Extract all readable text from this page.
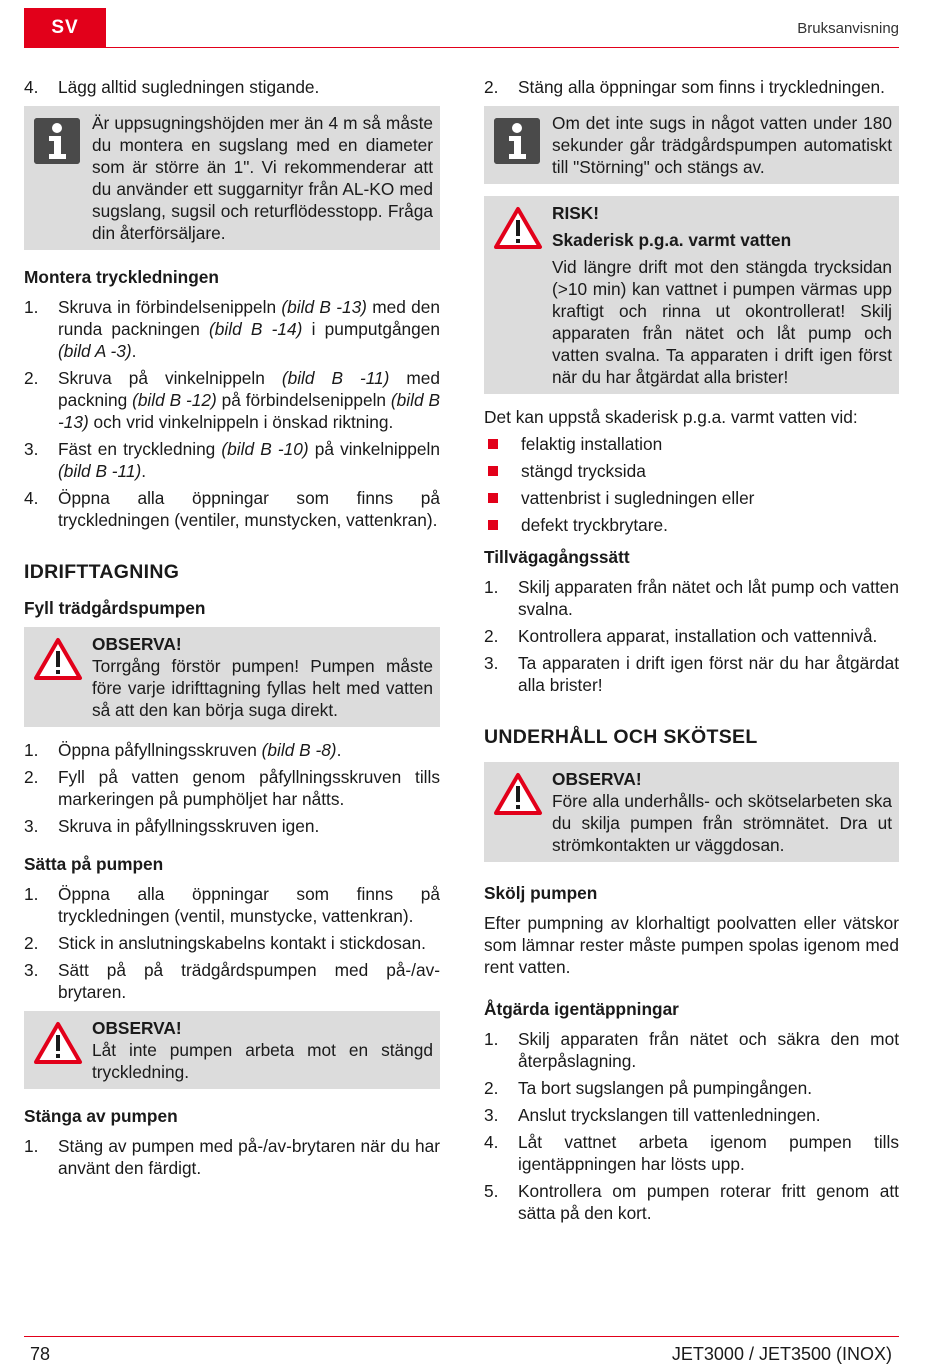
SV	Bruksanvisning
4. Lägg alltid sugledningen stigande.

Är uppsugningshöjden mer än 4 m så måste du montera en sugslang med en diameter som är större än 1". Vi rekommenderar att du använder ett suggarnityr från AL-KO med sugslang, sugsil och returflödesstopp. Fråga din återförsäljare.

Montera tryckledningen
1. Skruva in förbindelsenippeln (bild B -13) med den runda packningen (bild B -14) i pumputgången (bild A -3).
2. Skruva på vinkelnippeln (bild B -11) med packning (bild B -12) på förbindelsenippeln (bild B -13) och vrid vinkelnippeln i önskad riktning.
3. Fäst en tryckledning (bild B -10) på vinkelnippeln (bild B -11).
4. Öppna alla öppningar som finns på tryckledningen (ventiler, munstycken, vattenkran).
IDRIFTTAGNING
Fyll trädgårdspumpen

OBSERVA!

Torrgång förstör pumpen! Pumpen måste före varje idrifttagning fyllas helt med vatten så att den kan börja suga direkt.

1. Öppna påfyllningsskruven (bild B -8).
2. Fyll på vatten genom påfyllningsskruven tills markeringen på pumphöljet har nåtts.
3. Skruva in påfyllningsskruven igen.
Sätta på pumpen
1. Öppna alla öppningar som finns på tryckledningen (ventil, munstycke, vattenkran).
2. Stick in anslutningskabelns kontakt i stickdosan.
3. Sätt på på trädgårdspumpen med på-/av-brytaren.

OBSERVA!

Låt inte pumpen arbeta mot en stängd tryckledning.

Stänga av pumpen
1. Stäng av pumpen med på-/av-brytaren när du har använt den färdigt.
2. Stäng alla öppningar som finns i tryckledningen.

Om det inte sugs in något vatten under 180 sekunder går trädgårdspumpen automatiskt till "Störning" och stängs av.

RISK!

Skaderisk p.g.a. varmt vatten

Vid längre drift mot den stängda trycksidan (>10 min) kan vattnet i pumpen värmas upp kraftigt och rinna ut okontrollerat! Skilj apparaten från nätet och låt pump och vatten svalna. Ta apparaten i drift igen först när du har åtgärdat alla brister!

Det kan uppstå skaderisk p.g.a. varmt vatten vid:

felaktig installation
stängd trycksida
vattenbrist i sugledningen eller
defekt tryckbrytare.
Tillvägagångssätt
1. Skilj apparaten från nätet och låt pump och vatten svalna.
2. Kontrollera apparat, installation och vattennivå.
3. Ta apparaten i drift igen först när du har åtgärdat alla brister!
UNDERHÅLL OCH SKÖTSEL

OBSERVA!

Före alla underhålls- och skötselarbeten ska du skilja pumpen från strömnätet. Dra ut strömkontakten ur väggdosan.

Skölj pumpen

Efter pumpning av klorhaltigt poolvatten eller vätskor som lämnar rester måste pumpen spolas igenom med rent vatten.

Åtgärda igentäppningar
1. Skilj apparaten från nätet och säkra den mot återpåslagning.
2. Ta bort sugslangen på pumpingången.
3. Anslut tryckslangen till vattenledningen.
4. Låt vattnet arbeta igenom pumpen tills igentäppningen har lösts upp.
5. Kontrollera om pumpen roterar fritt genom att sätta på den kort.
78	JET3000 / JET3500 (INOX)
